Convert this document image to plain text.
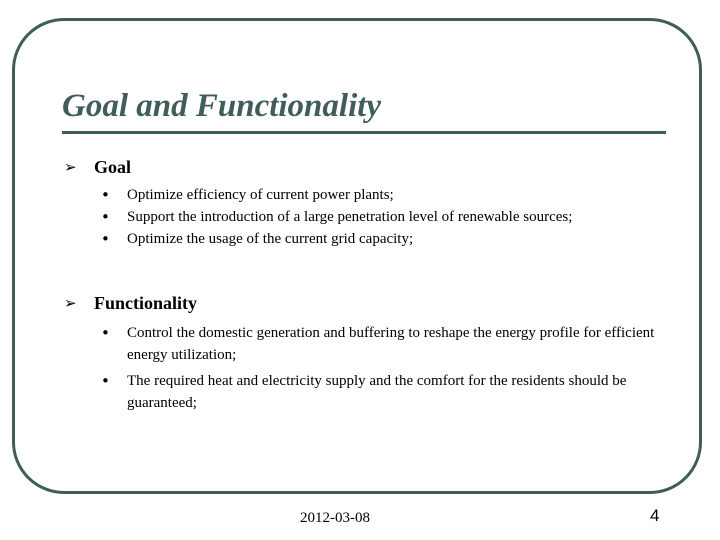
Goal and Functionality
➢ Goal
• Optimize efficiency of current power plants;
• Support the introduction of a large penetration level of renewable sources;
• Optimize the usage of the current grid capacity;
➢ Functionality
• Control the domestic generation and buffering to reshape the energy profile for efficient energy utilization;
• The required heat and electricity supply and the comfort for the residents should be guaranteed;
2012-03-08	4
